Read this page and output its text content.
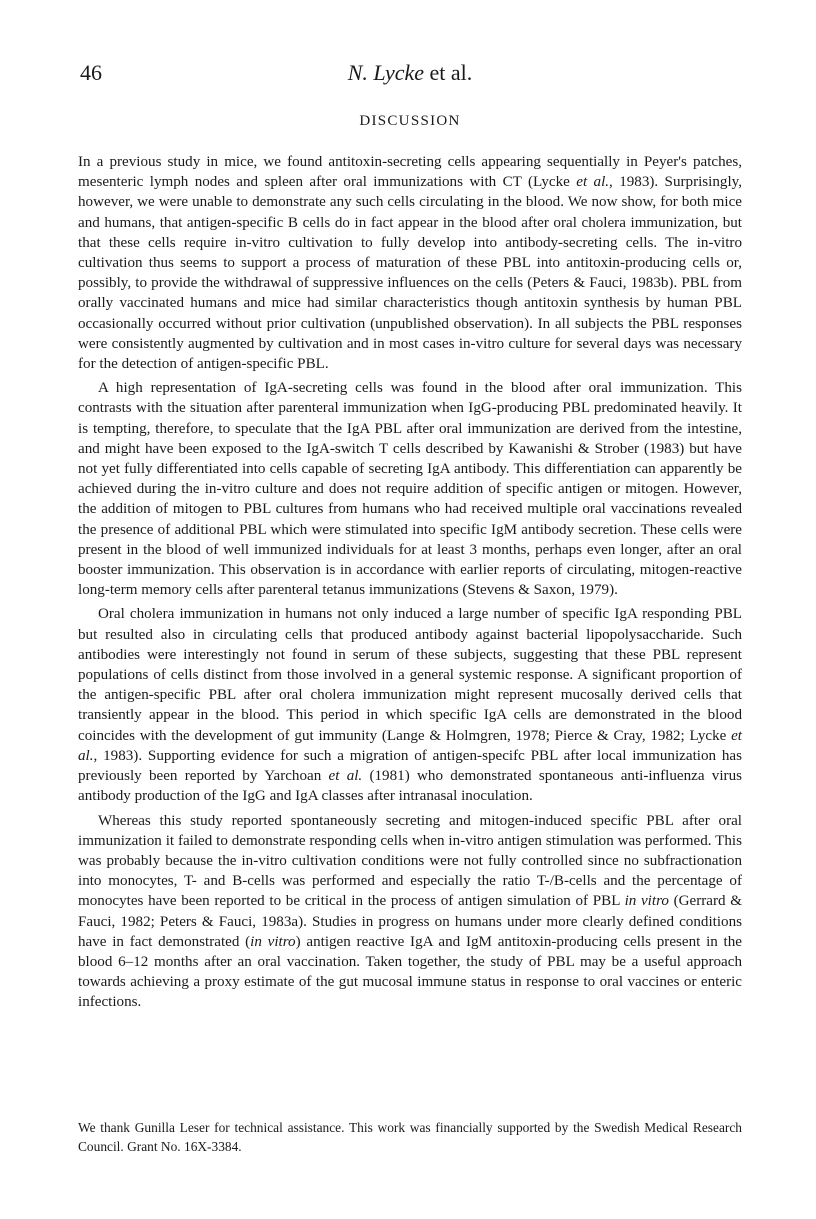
46	N. Lycke et al.
DISCUSSION

In a previous study in mice, we found antitoxin-secreting cells appearing sequentially in Peyer's patches, mesenteric lymph nodes and spleen after oral immunizations with CT (Lycke et al., 1983). Surprisingly, however, we were unable to demonstrate any such cells circulating in the blood. We now show, for both mice and humans, that antigen-specific B cells do in fact appear in the blood after oral cholera immunization, but that these cells require in-vitro cultivation to fully develop into antibody-secreting cells. The in-vitro cultivation thus seems to support a process of maturation of these PBL into antitoxin-producing cells or, possibly, to provide the withdrawal of suppressive influences on the cells (Peters & Fauci, 1983b). PBL from orally vaccinated humans and mice had similar characteristics though antitoxin synthesis by human PBL occasionally occurred without prior cultivation (unpublished observation). In all subjects the PBL responses were consistently augmented by cultivation and in most cases in-vitro culture for several days was necessary for the detection of antigen-specific PBL.

A high representation of IgA-secreting cells was found in the blood after oral immunization. This contrasts with the situation after parenteral immunization when IgG-producing PBL predominated heavily. It is tempting, therefore, to speculate that the IgA PBL after oral immunization are derived from the intestine, and might have been exposed to the IgA-switch T cells described by Kawanishi & Strober (1983) but have not yet fully differentiated into cells capable of secreting IgA antibody. This differentiation can apparently be achieved during the in-vitro culture and does not require addition of specific antigen or mitogen. However, the addition of mitogen to PBL cultures from humans who had received multiple oral vaccinations revealed the presence of additional PBL which were stimulated into specific IgM antibody secretion. These cells were present in the blood of well immunized individuals for at least 3 months, perhaps even longer, after an oral booster immunization. This observation is in accordance with earlier reports of circulating, mitogen-reactive long-term memory cells after parenteral tetanus immunizations (Stevens & Saxon, 1979).

Oral cholera immunization in humans not only induced a large number of specific IgA responding PBL but resulted also in circulating cells that produced antibody against bacterial lipopolysaccharide. Such antibodies were interestingly not found in serum of these subjects, suggesting that these PBL represent populations of cells distinct from those involved in a general systemic response. A significant proportion of the antigen-specific PBL after oral cholera immunization might represent mucosally derived cells that transiently appear in the blood. This period in which specific IgA cells are demonstrated in the blood coincides with the development of gut immunity (Lange & Holmgren, 1978; Pierce & Cray, 1982; Lycke et al., 1983). Supporting evidence for such a migration of antigen-specifc PBL after local immunization has previously been reported by Yarchoan et al. (1981) who demonstrated spontaneous anti-influenza virus antibody production of the IgG and IgA classes after intranasal inoculation.

Whereas this study reported spontaneously secreting and mitogen-induced specific PBL after oral immunization it failed to demonstrate responding cells when in-vitro antigen stimulation was performed. This was probably because the in-vitro cultivation conditions were not fully controlled since no subfractionation into monocytes, T- and B-cells was performed and especially the ratio T-/B-cells and the percentage of monocytes have been reported to be critical in the process of antigen simulation of PBL in vitro (Gerrard & Fauci, 1982; Peters & Fauci, 1983a). Studies in progress on humans under more clearly defined conditions have in fact demonstrated (in vitro) antigen reactive IgA and IgM antitoxin-producing cells present in the blood 6–12 months after an oral vaccination. Taken together, the study of PBL may be a useful approach towards achieving a proxy estimate of the gut mucosal immune status in response to oral vaccines or enteric infections.

We thank Gunilla Leser for technical assistance. This work was financially supported by the Swedish Medical Research Council. Grant No. 16X-3384.
